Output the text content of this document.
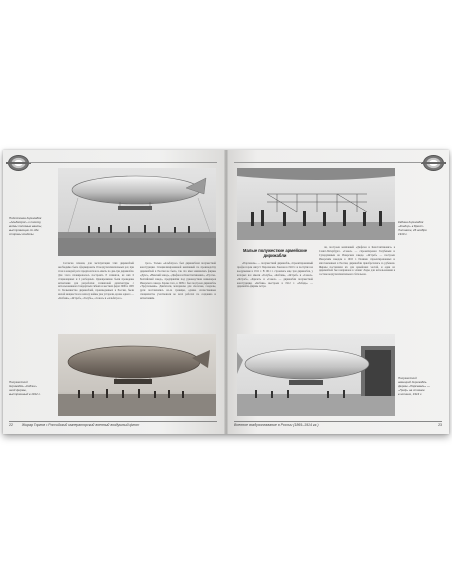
Подготовка дирижабля
«Альбатрос» к полету,
видны полозные ванты,
выступающие по обе
стороны гондолы

Согласно планам, для эксплуатации этих дирижаблей необходимо было сформировать 16 воздухоплавательных рот, при этом в каждой роте предполагалось иметь по два-три дирижабля. Для этого планировалось построить 8 эллингов, из них 6 стационарных и 2 разборных. Одновременно были проведены испытания для разработки эллинговой архитектуры с использованием стандартных гибких и жестких ферм 1906 и 1905 гг. Большинство дирижаблей, произведенных в России, были малой мощности и к началу войны уже устарели, кроме одного — «Кобчик», «Ястреб», «Голубь», «Сокол» и «Альбатрос».

трос». Только «Альбатрос» был дирижаблем полужесткой конструкции. Специализированной компанией по производству дирижаблей в России не было, так что ими занимались фирмы «Дукс», «Невский завод», «Дюфлон и Константинович», «Русско-Балтийский завод», предприятия под руководством инженеров Ижорского завода. Кроме того, в 1909 г. был построен дирижабль «Треугольник». Двигатели, материалы для оболочек, гондолы, рули поставлялись из-за границы, однако отечественные специалисты участвовали во всех работах по созданию и испытаниям.

Полужесткий
дирижабль «Кобчик»
иной фирмы,
выстроенный в 1912 г.
22	Жирар Горлов • Российский императорский военный воздушный флот
Кабина дирижабля
«Кондор» в Брест-
Литовске, 26 ноября
1910 г.
Малые полужесткие армейские
дирижабли

«Парсеваль» — полужесткий дирижабль, спроектированный профессором Август Парсевалем. Заказан в 1910 г. и поступил на вооружение в 1911 г. В 1911 г. строились еще три дирижабля, у которых все имели «Голубь», «Кобчик», «Ястреб» и «Сокол». «Ястреб», «Кречет» и «Сокол» — дирижабли полужесткой конструкции. «Кобчик» выстроен в 1912 г. «Лебедь» — дирижабль фирмы Астра.

ли, построен компанией «Дюфлон и Константинович» в Санкт-Петербурге. «Сокол» — спроектирован Голубевым и Сухорукиным на Ижорском заводе. «Ястреб» — построен Ижорским заводом в 1910 г. Помимо спроектированных и изготовленных в России, дирижабли приобретались за рубежом. Фирмы поставляли их для армейских частей, и один из дирижаблей был направлен в эллинг Лиды для использования в составе воздухоплавательного батальона.

Полужесткий
немецкий дирижабль
фирмы «Парсеваль» —
«Гриф» на стоянке
в эллинге, 1913 г.
Военное воздухоплавание в России (1869–1914 гг.)	23
